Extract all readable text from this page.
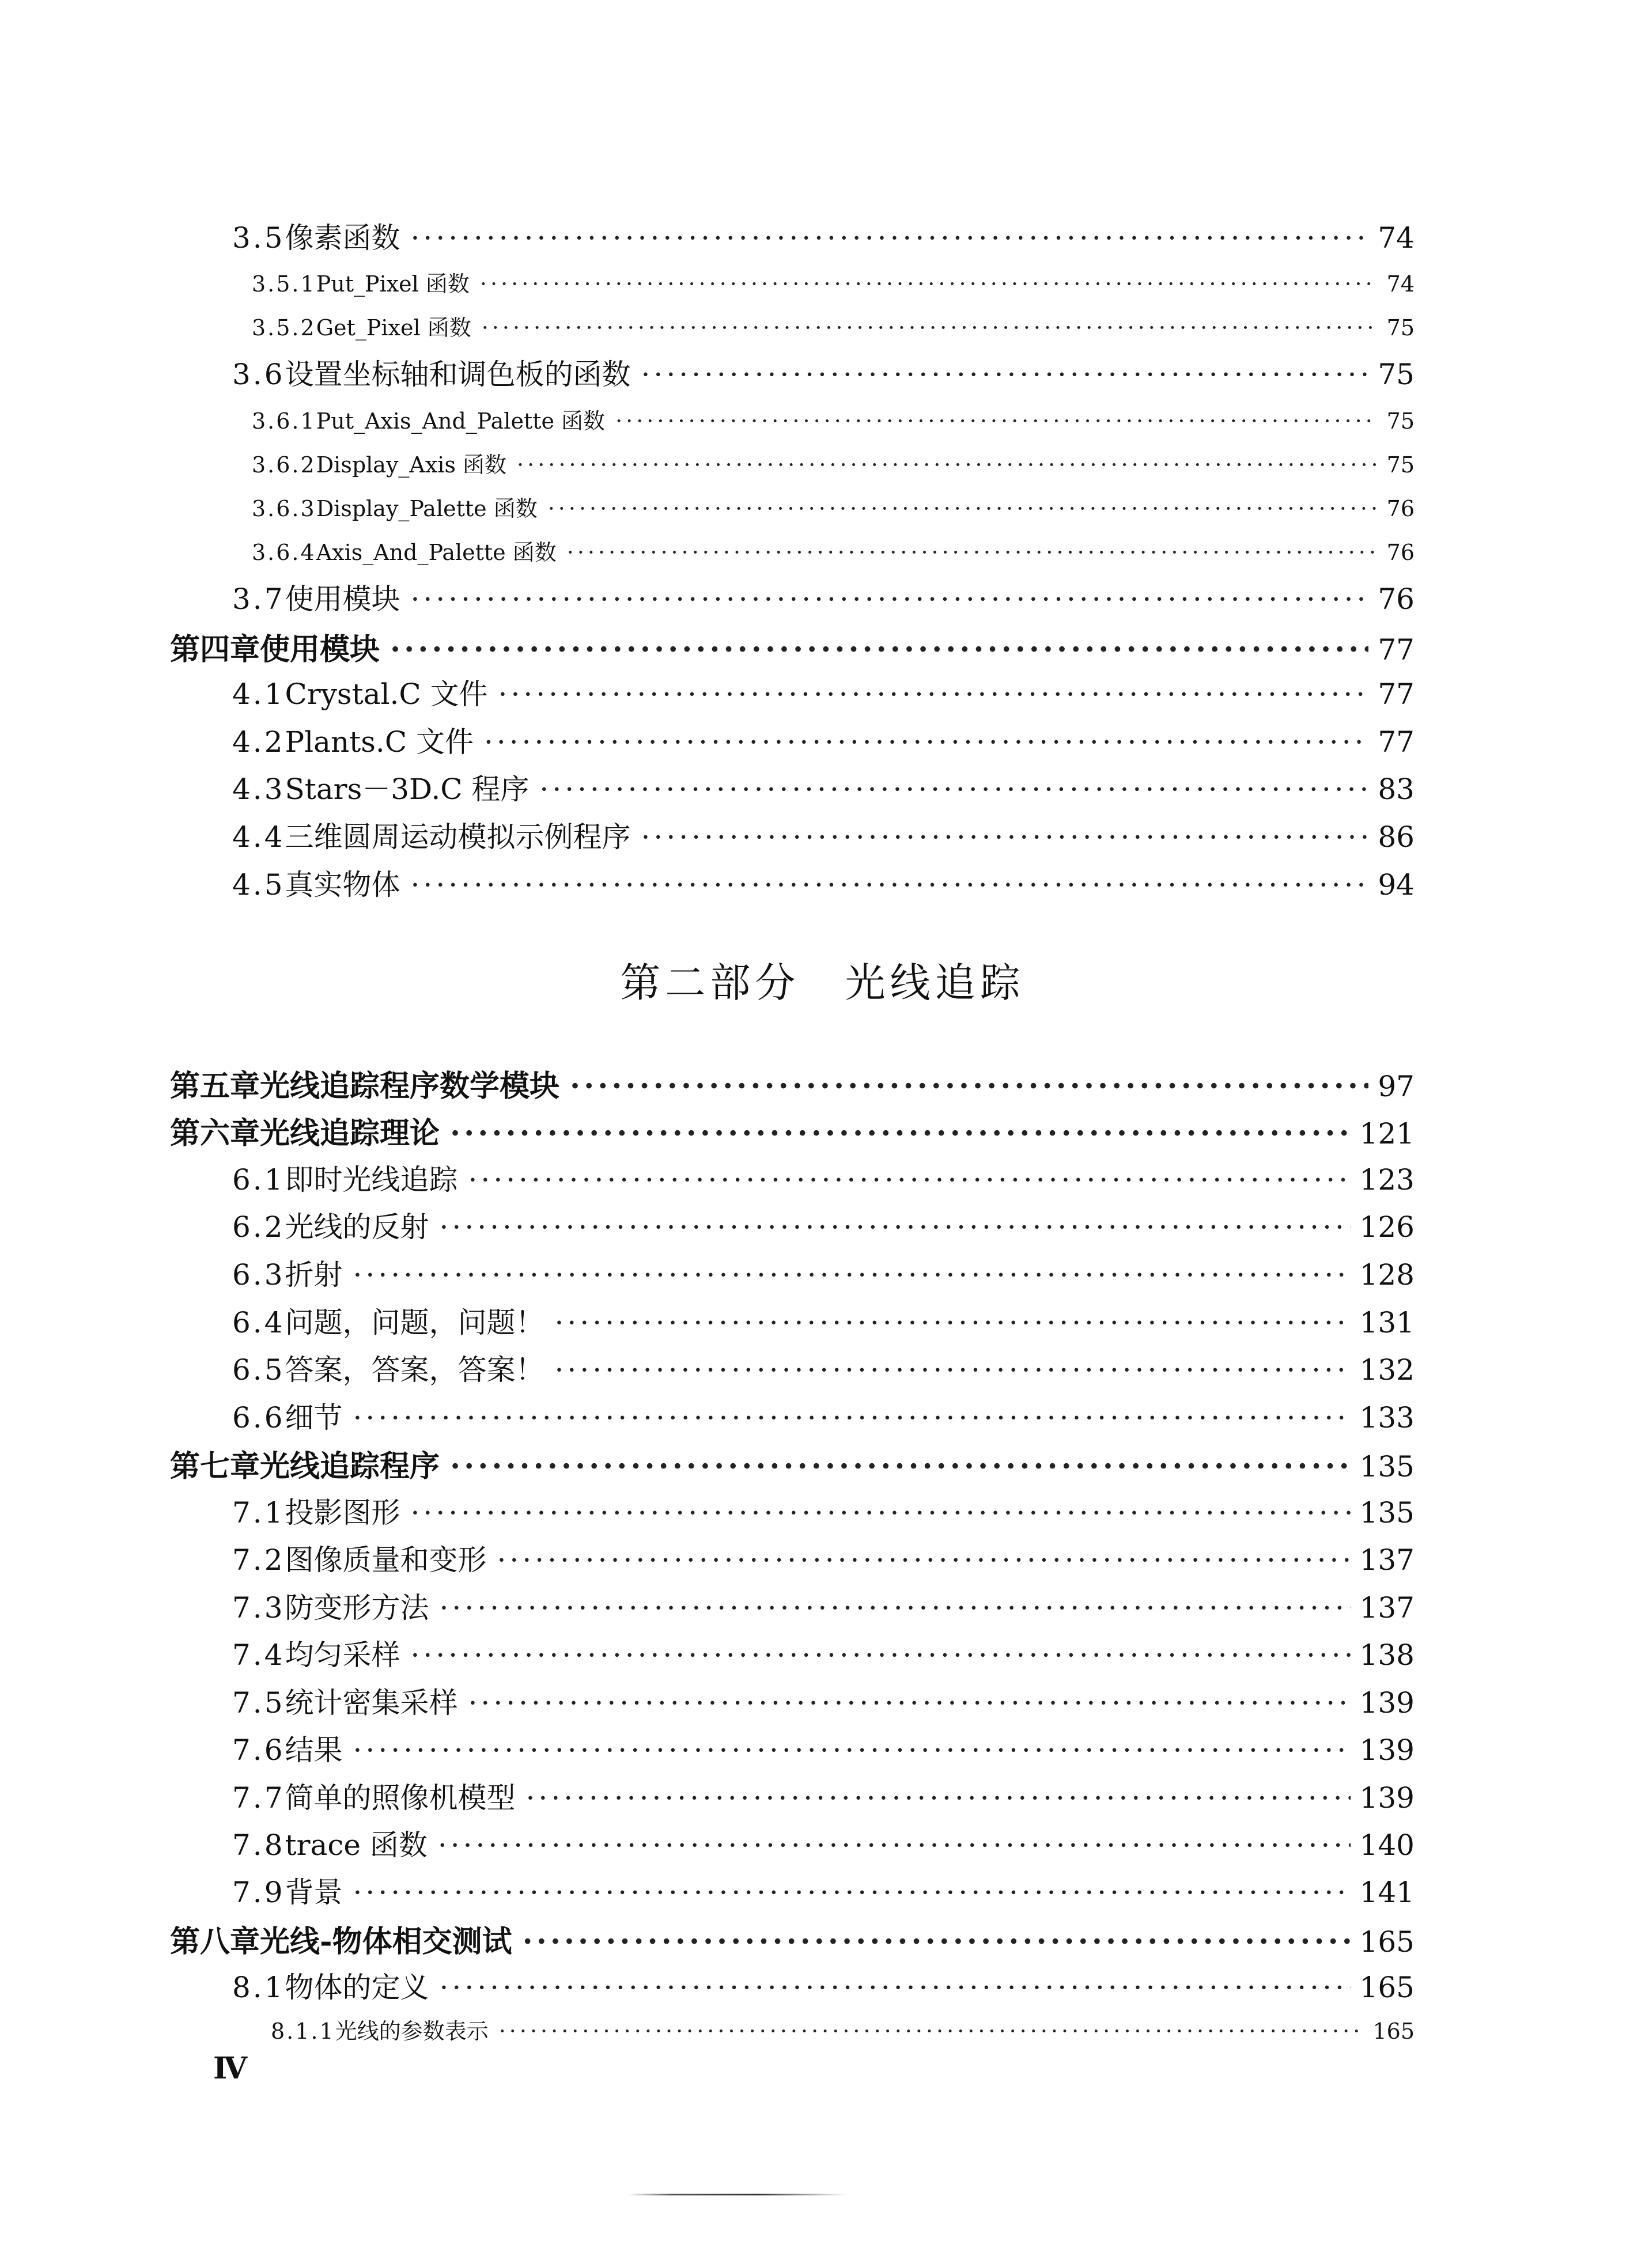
3.5 像素函数 ·····	74
3.5.1 Put_Pixel 函数 ·····	74
3.5.2 Get_Pixel 函数 ·····	75
3.6 设置坐标轴和调色板的函数 ·····	75
3.6.1 Put_Axis_And_Palette 函数 ·····	75
3.6.2 Display_Axis 函数 ·····	75
3.6.3 Display_Palette 函数 ·····	76
3.6.4 Axis_And_Palette 函数 ·····	76
3.7 使用模块 ·····	76
第四章 使用模块 ·····	77
4.1 Crystal.C 文件 ·····	77
4.2 Plants.C 文件 ·····	77
4.3 Stars－3D.C 程序 ·····	83
4.4 三维圆周运动模拟示例程序 ·····	86
4.5 真实物体 ·····	94
第二部分 光线追踪
第五章 光线追踪程序数学模块 ·····	97
第六章 光线追踪理论 ·····	121
6.1 即时光线追踪 ·····	123
6.2 光线的反射 ·····	126
6.3 折射 ·····	128
6.4 问题，问题，问题！ ·····	131
6.5 答案，答案，答案！ ·····	132
6.6 细节 ·····	133
第七章 光线追踪程序 ·····	135
7.1 投影图形 ·····	135
7.2 图像质量和变形 ·····	137
7.3 防变形方法 ·····	137
7.4 均匀采样 ·····	138
7.5 统计密集采样 ·····	139
7.6 结果 ·····	139
7.7 简单的照像机模型 ·····	139
7.8 trace 函数 ·····	140
7.9 背景 ·····	141
第八章 光线-物体相交测试 ·····	165
8.1 物体的定义 ·····	165
8.1.1 光线的参数表示 ·····	165
Ⅳ
